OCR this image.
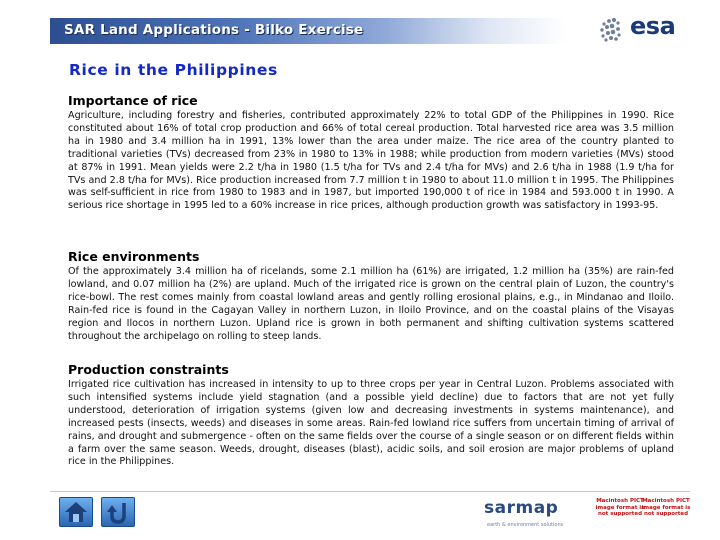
SAR Land Applications - Bilko Exercise	esa
Rice in the Philippines
Importance of rice

Agriculture, including forestry and fisheries, contributed approximately 22% to total GDP of the Philippines in 1990. Rice constituted about 16% of total crop production and 66% of total cereal production. Total harvested rice area was 3.5 million ha in 1980 and 3.4 million ha in 1991, 13% lower than the area under maize. The rice area of the country planted to traditional varieties (TVs) decreased from 23% in 1980 to 13% in 1988; while production from modern varieties (MVs) stood at 87% in 1991. Mean yields were 2.2 t/ha in 1980 (1.5 t/ha for TVs and 2.4 t/ha for MVs) and 2.6 t/ha in 1988 (1.9 t/ha for TVs and 2.8 t/ha for MVs). Rice production increased from 7.7 million t in 1980 to about 11.0 million t in 1995. The Philippines was self-sufficient in rice from 1980 to 1983 and in 1987, but imported 190,000 t of rice in 1984 and 593.000 t in 1990. A serious rice shortage in 1995 led to a 60% increase in rice prices, although production growth was satisfactory in 1993-95.

Rice environments

Of the approximately 3.4 million ha of ricelands, some 2.1 million ha (61%) are irrigated, 1.2 million ha (35%) are rain-fed lowland, and 0.07 million ha (2%) are upland. Much of the irrigated rice is grown on the central plain of Luzon, the country's rice-bowl. The rest comes mainly from coastal lowland areas and gently rolling erosional plains, e.g., in Mindanao and Iloilo. Rain-fed rice is found in the Cagayan Valley in northern Luzon, in Iloilo Province, and on the coastal plains of the Visayas region and Ilocos in northern Luzon. Upland rice is grown in both permanent and shifting cultivation systems scattered throughout the archipelago on rolling to steep lands.

Production constraints

Irrigated rice cultivation has increased in intensity to up to three crops per year in Central Luzon. Problems associated with such intensified systems include yield stagnation (and a possible yield decline) due to factors that are not yet fully understood, deterioration of irrigation systems (given low and decreasing investments in systems maintenance), and increased pests (insects, weeds) and diseases in some areas. Rain-fed lowland rice suffers from uncertain timing of arrival of rains, and drought and submergence - often on the same fields over the course of a single season or on different fields within a farm over the same season. Weeds, drought, diseases (blast), acidic soils, and soil erosion are major problems of upland rice in the Philippines.

sarmap
earth & environment solutions
Macintosh PICT image format is not supported
Macintosh PICT image format is not supported
